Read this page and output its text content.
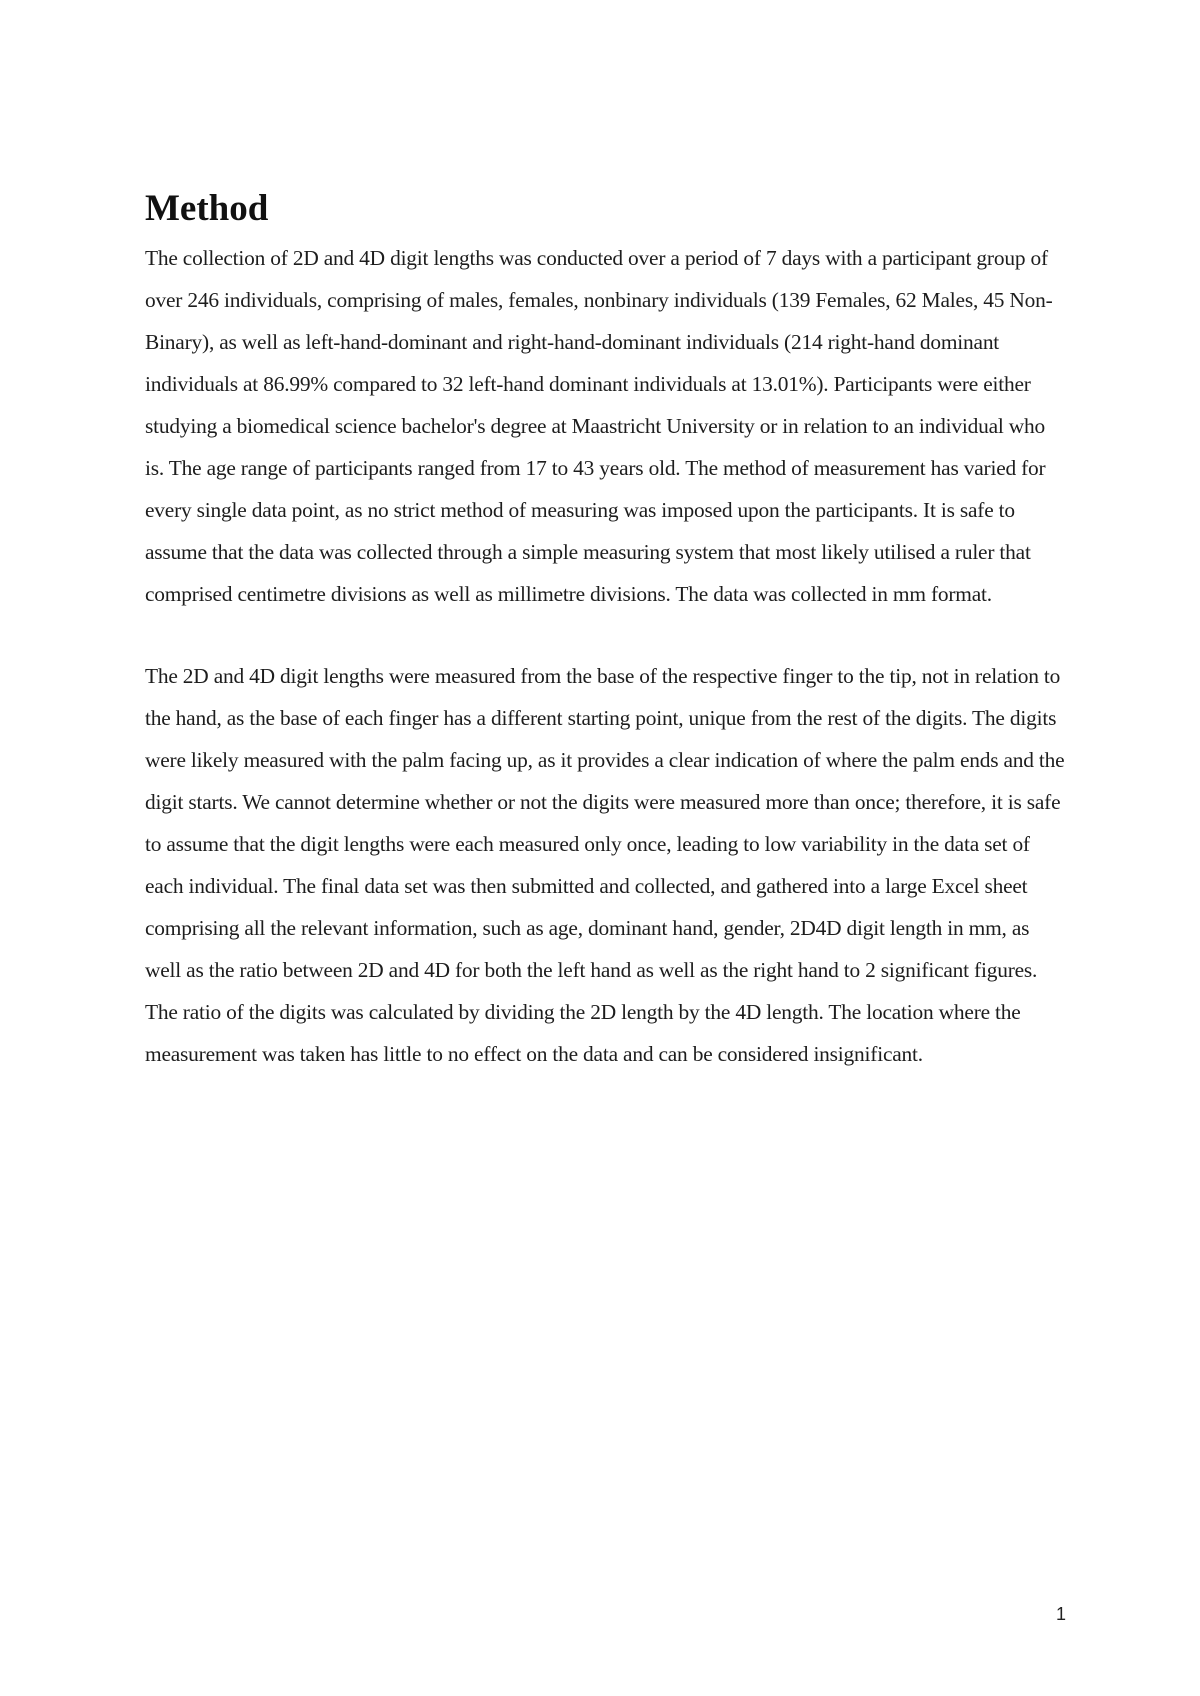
Method

The collection of 2D and 4D digit lengths was conducted over a period of 7 days with a participant group of over 246 individuals, comprising of males, females, nonbinary individuals (139 Females, 62 Males, 45 Non-Binary), as well as left-hand-dominant and right-hand-dominant individuals (214 right-hand dominant individuals at 86.99% compared to 32 left-hand dominant individuals at 13.01%). Participants were either studying a biomedical science bachelor's degree at Maastricht University or in relation to an individual who is. The age range of participants ranged from 17 to 43 years old. The method of measurement has varied for every single data point, as no strict method of measuring was imposed upon the participants. It is safe to assume that the data was collected through a simple measuring system that most likely utilised a ruler that comprised centimetre divisions as well as millimetre divisions. The data was collected in mm format.

The 2D and 4D digit lengths were measured from the base of the respective finger to the tip, not in relation to the hand, as the base of each finger has a different starting point, unique from the rest of the digits. The digits were likely measured with the palm facing up, as it provides a clear indication of where the palm ends and the digit starts. We cannot determine whether or not the digits were measured more than once; therefore, it is safe to assume that the digit lengths were each measured only once, leading to low variability in the data set of each individual. The final data set was then submitted and collected, and gathered into a large Excel sheet comprising all the relevant information, such as age, dominant hand, gender, 2D4D digit length in mm, as well as the ratio between 2D and 4D for both the left hand as well as the right hand to 2 significant figures. The ratio of the digits was calculated by dividing the 2D length by the 4D length. The location where the measurement was taken has little to no effect on the data and can be considered insignificant.

1
